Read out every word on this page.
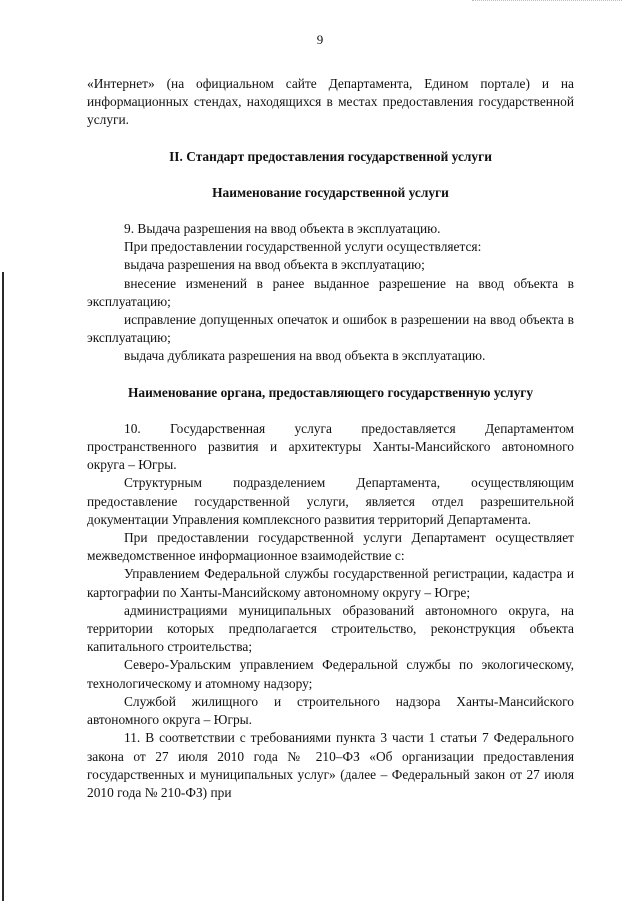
9

«Интернет» (на официальном сайте Департамента, Едином портале) и на информационных стендах, находящихся в местах предоставления государственной услуги.

II. Стандарт предоставления государственной услуги

Наименование государственной услуги

9. Выдача разрешения на ввод объекта в эксплуатацию.

При предоставлении государственной услуги осуществляется:

выдача разрешения на ввод объекта в эксплуатацию;

внесение изменений в ранее выданное разрешение на ввод объекта в эксплуатацию;

исправление допущенных опечаток и ошибок в разрешении на ввод объекта в эксплуатацию;

выдача дубликата разрешения на ввод объекта в эксплуатацию.

Наименование органа, предоставляющего государственную услугу

10. Государственная услуга предоставляется Департаментом пространственного развития и архитектуры Ханты-Мансийского автономного округа – Югры.

Структурным подразделением Департамента, осуществляющим предоставление государственной услуги, является отдел разрешительной документации Управления комплексного развития территорий Департамента.

При предоставлении государственной услуги Департамент осуществляет межведомственное информационное взаимодействие с:

Управлением Федеральной службы государственной регистрации, кадастра и картографии по Ханты-Мансийскому автономному округу – Югре;

администрациями муниципальных образований автономного округа, на территории которых предполагается строительство, реконструкция объекта капитального строительства;

Северо-Уральским управлением Федеральной службы по экологическому, технологическому и атомному надзору;

Службой жилищного и строительного надзора Ханты-Мансийского автономного округа – Югры.

11. В соответствии с требованиями пункта 3 части 1 статьи 7 Федерального закона от 27 июля 2010 года № 210–ФЗ «Об организации предоставления государственных и муниципальных услуг» (далее – Федеральный закон от 27 июля 2010 года № 210-ФЗ) при
